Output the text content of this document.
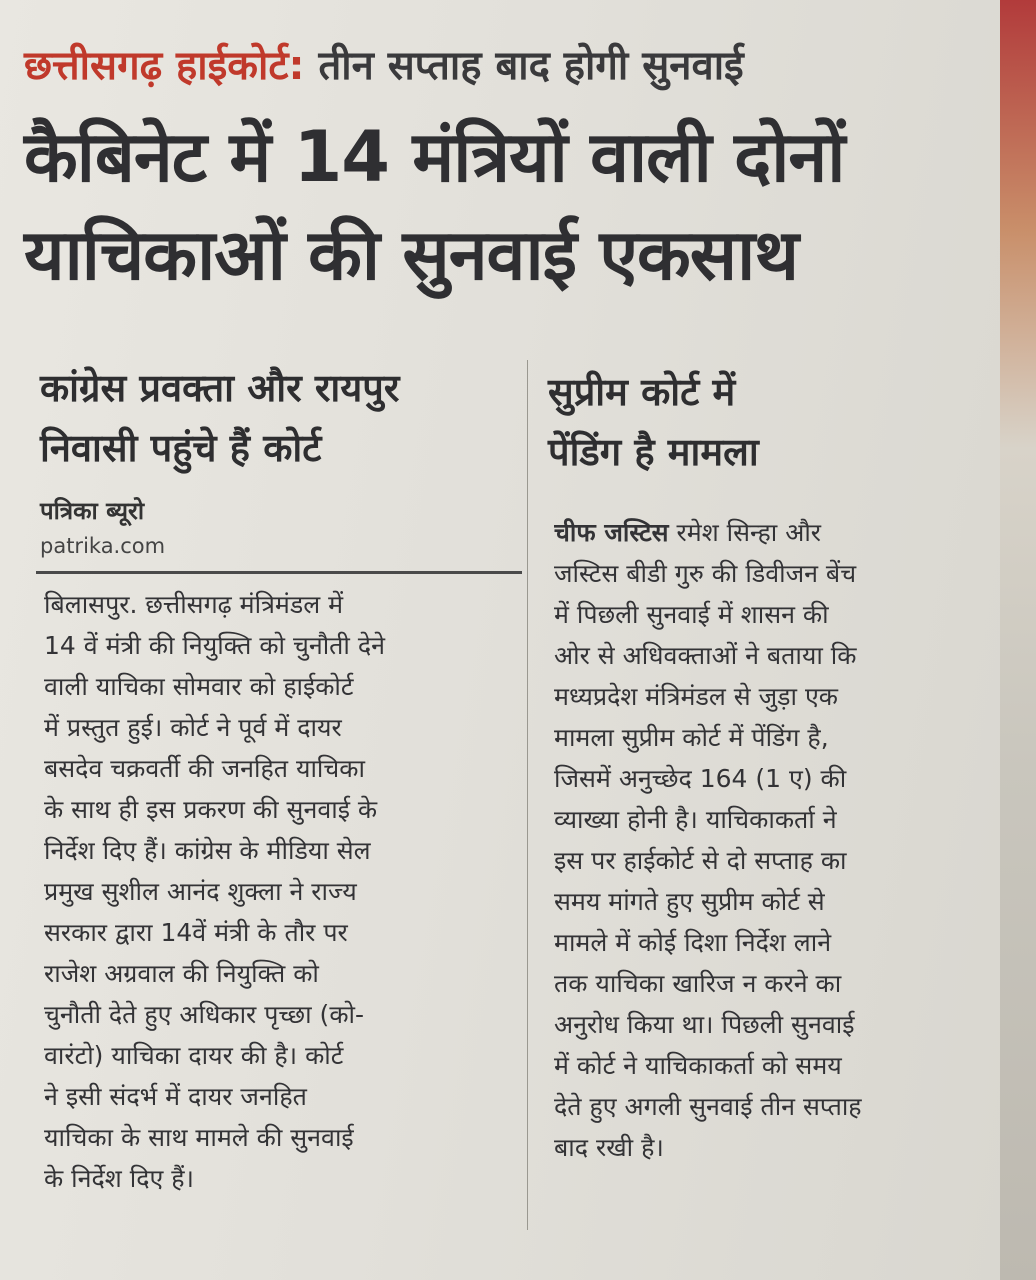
छत्तीसगढ़ हाईकोर्ट: तीन सप्ताह बाद होगी सुनवाई
कैबिनेट में 14 मंत्रियों वाली दोनों
याचिकाओं की सुनवाई एकसाथ
कांग्रेस प्रवक्ता और रायपुर
निवासी पहुंचे हैं कोर्ट
पत्रिका ब्यूरो
patrika.com
सुप्रीम कोर्ट में
पेंडिंग है मामला
बिलासपुर. छत्तीसगढ़ मंत्रिमंडल में
14 वें मंत्री की नियुक्ति को चुनौती देने
वाली याचिका सोमवार को हाईकोर्ट
में प्रस्तुत हुई। कोर्ट ने पूर्व में दायर
बसदेव चक्रवर्ती की जनहित याचिका
के साथ ही इस प्रकरण की सुनवाई के
निर्देश दिए हैं। कांग्रेस के मीडिया सेल
प्रमुख सुशील आनंद शुक्ला ने राज्य
सरकार द्वारा 14वें मंत्री के तौर पर
राजेश अग्रवाल की नियुक्ति को
चुनौती देते हुए अधिकार पृच्छा (को-
वारंटो) याचिका दायर की है। कोर्ट
ने इसी संदर्भ में दायर जनहित
याचिका के साथ मामले की सुनवाई
के निर्देश दिए हैं।
चीफ जस्टिस रमेश सिन्हा और
जस्टिस बीडी गुरु की डिवीजन बेंच
में पिछली सुनवाई में शासन की
ओर से अधिवक्ताओं ने बताया कि
मध्यप्रदेश मंत्रिमंडल से जुड़ा एक
मामला सुप्रीम कोर्ट में पेंडिंग है,
जिसमें अनुच्छेद 164 (1 ए) की
व्याख्या होनी है। याचिकाकर्ता ने
इस पर हाईकोर्ट से दो सप्ताह का
समय मांगते हुए सुप्रीम कोर्ट से
मामले में कोई दिशा निर्देश लाने
तक याचिका खारिज न करने का
अनुरोध किया था। पिछली सुनवाई
में कोर्ट ने याचिकाकर्ता को समय
देते हुए अगली सुनवाई तीन सप्ताह
बाद रखी है।
